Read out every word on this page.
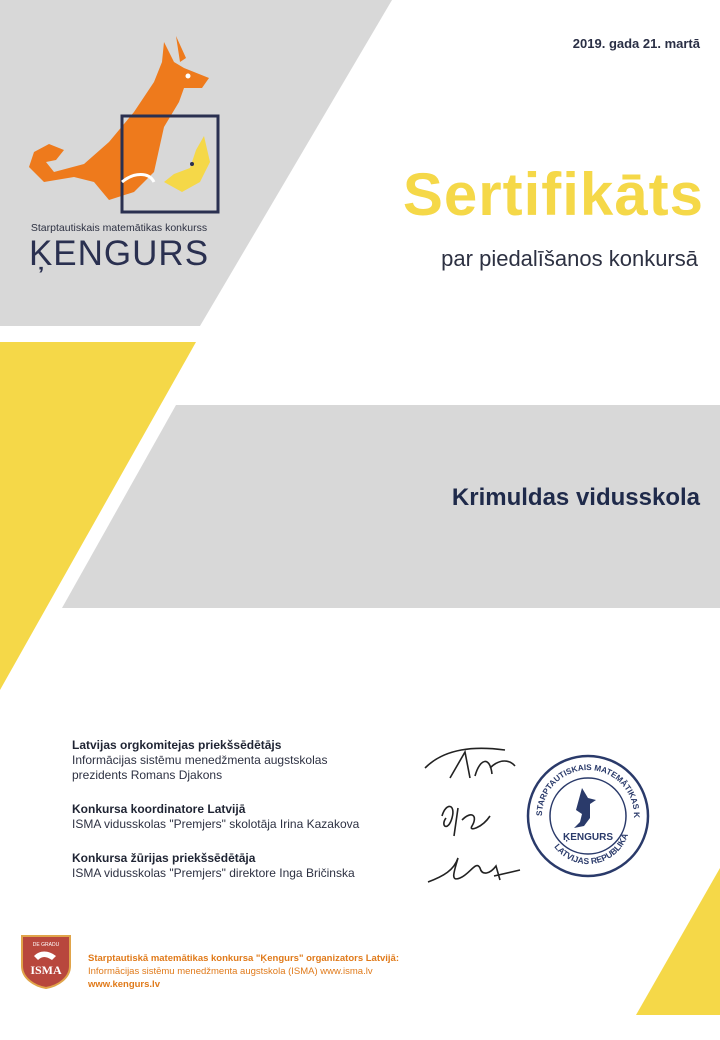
Starptautiskais matemātikas konkurss
ĶENGURS
2019. gada 21. martā
Sertifikāts
par piedalīšanos konkursā
Krimuldas vidusskola
Latvijas orgkomitejas priekšsēdētājs
Informācijas sistēmu menedžmenta augstskolas
prezidents Romans Djakons
Konkursa koordinatore Latvijā
ISMA vidusskolas "Premjers" skolotāja Irina Kazakova
Konkursa žūrijas priekšsēdētāja
ISMA vidusskolas "Premjers" direktore Inga Bričinska
STARPTAUTISKAIS MATEMĀTIKAS K
LATVIJAS REPUBLIKA
ĶENGURS
DE GRADU
ISMA
Starptautiskā matemātikas konkursa "Ķengurs" organizators Latvijā:
Informācijas sistēmu menedžmenta augstskola (ISMA) www.isma.lv
www.kengurs.lv
